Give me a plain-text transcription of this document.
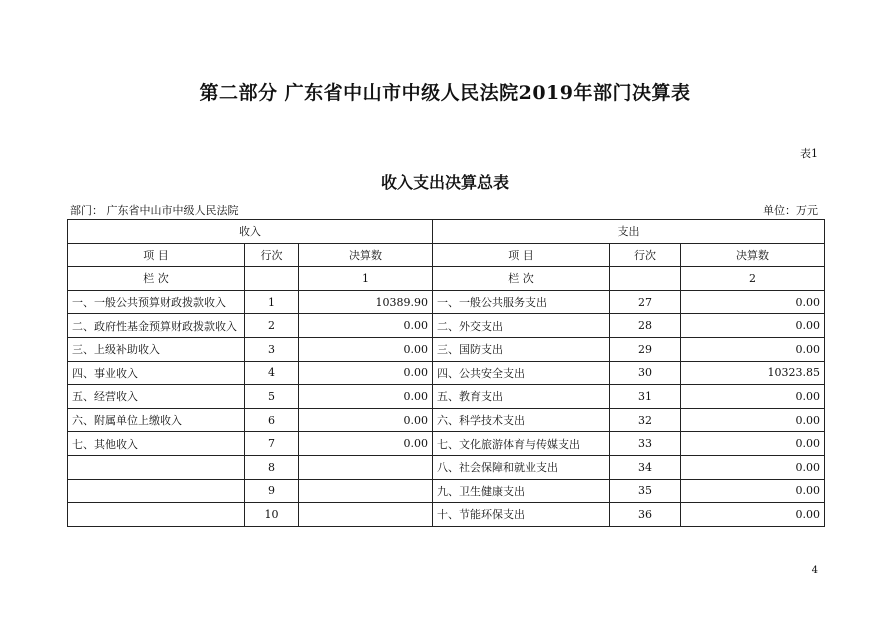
第二部分 广东省中山市中级人民法院2019年部门决算表
表1
收入支出决算总表
部门： 广东省中山市中级人民法院	单位：万元
收入			支出		
项 目	行次	决算数	项 目	行次	决算数
栏 次		1	栏 次		2
一、一般公共预算财政拨款收入	1	10389.90	一、一般公共服务支出	27	0.00
二、政府性基金预算财政拨款收入	2	0.00	二、外交支出	28	0.00
三、上级补助收入	3	0.00	三、国防支出	29	0.00
四、事业收入	4	0.00	四、公共安全支出	30	10323.85
五、经营收入	5	0.00	五、教育支出	31	0.00
六、附属单位上缴收入	6	0.00	六、科学技术支出	32	0.00
七、其他收入	7	0.00	七、文化旅游体育与传媒支出	33	0.00
	8		八、社会保障和就业支出	34	0.00
	9		九、卫生健康支出	35	0.00
	10		十、节能环保支出	36	0.00
4
